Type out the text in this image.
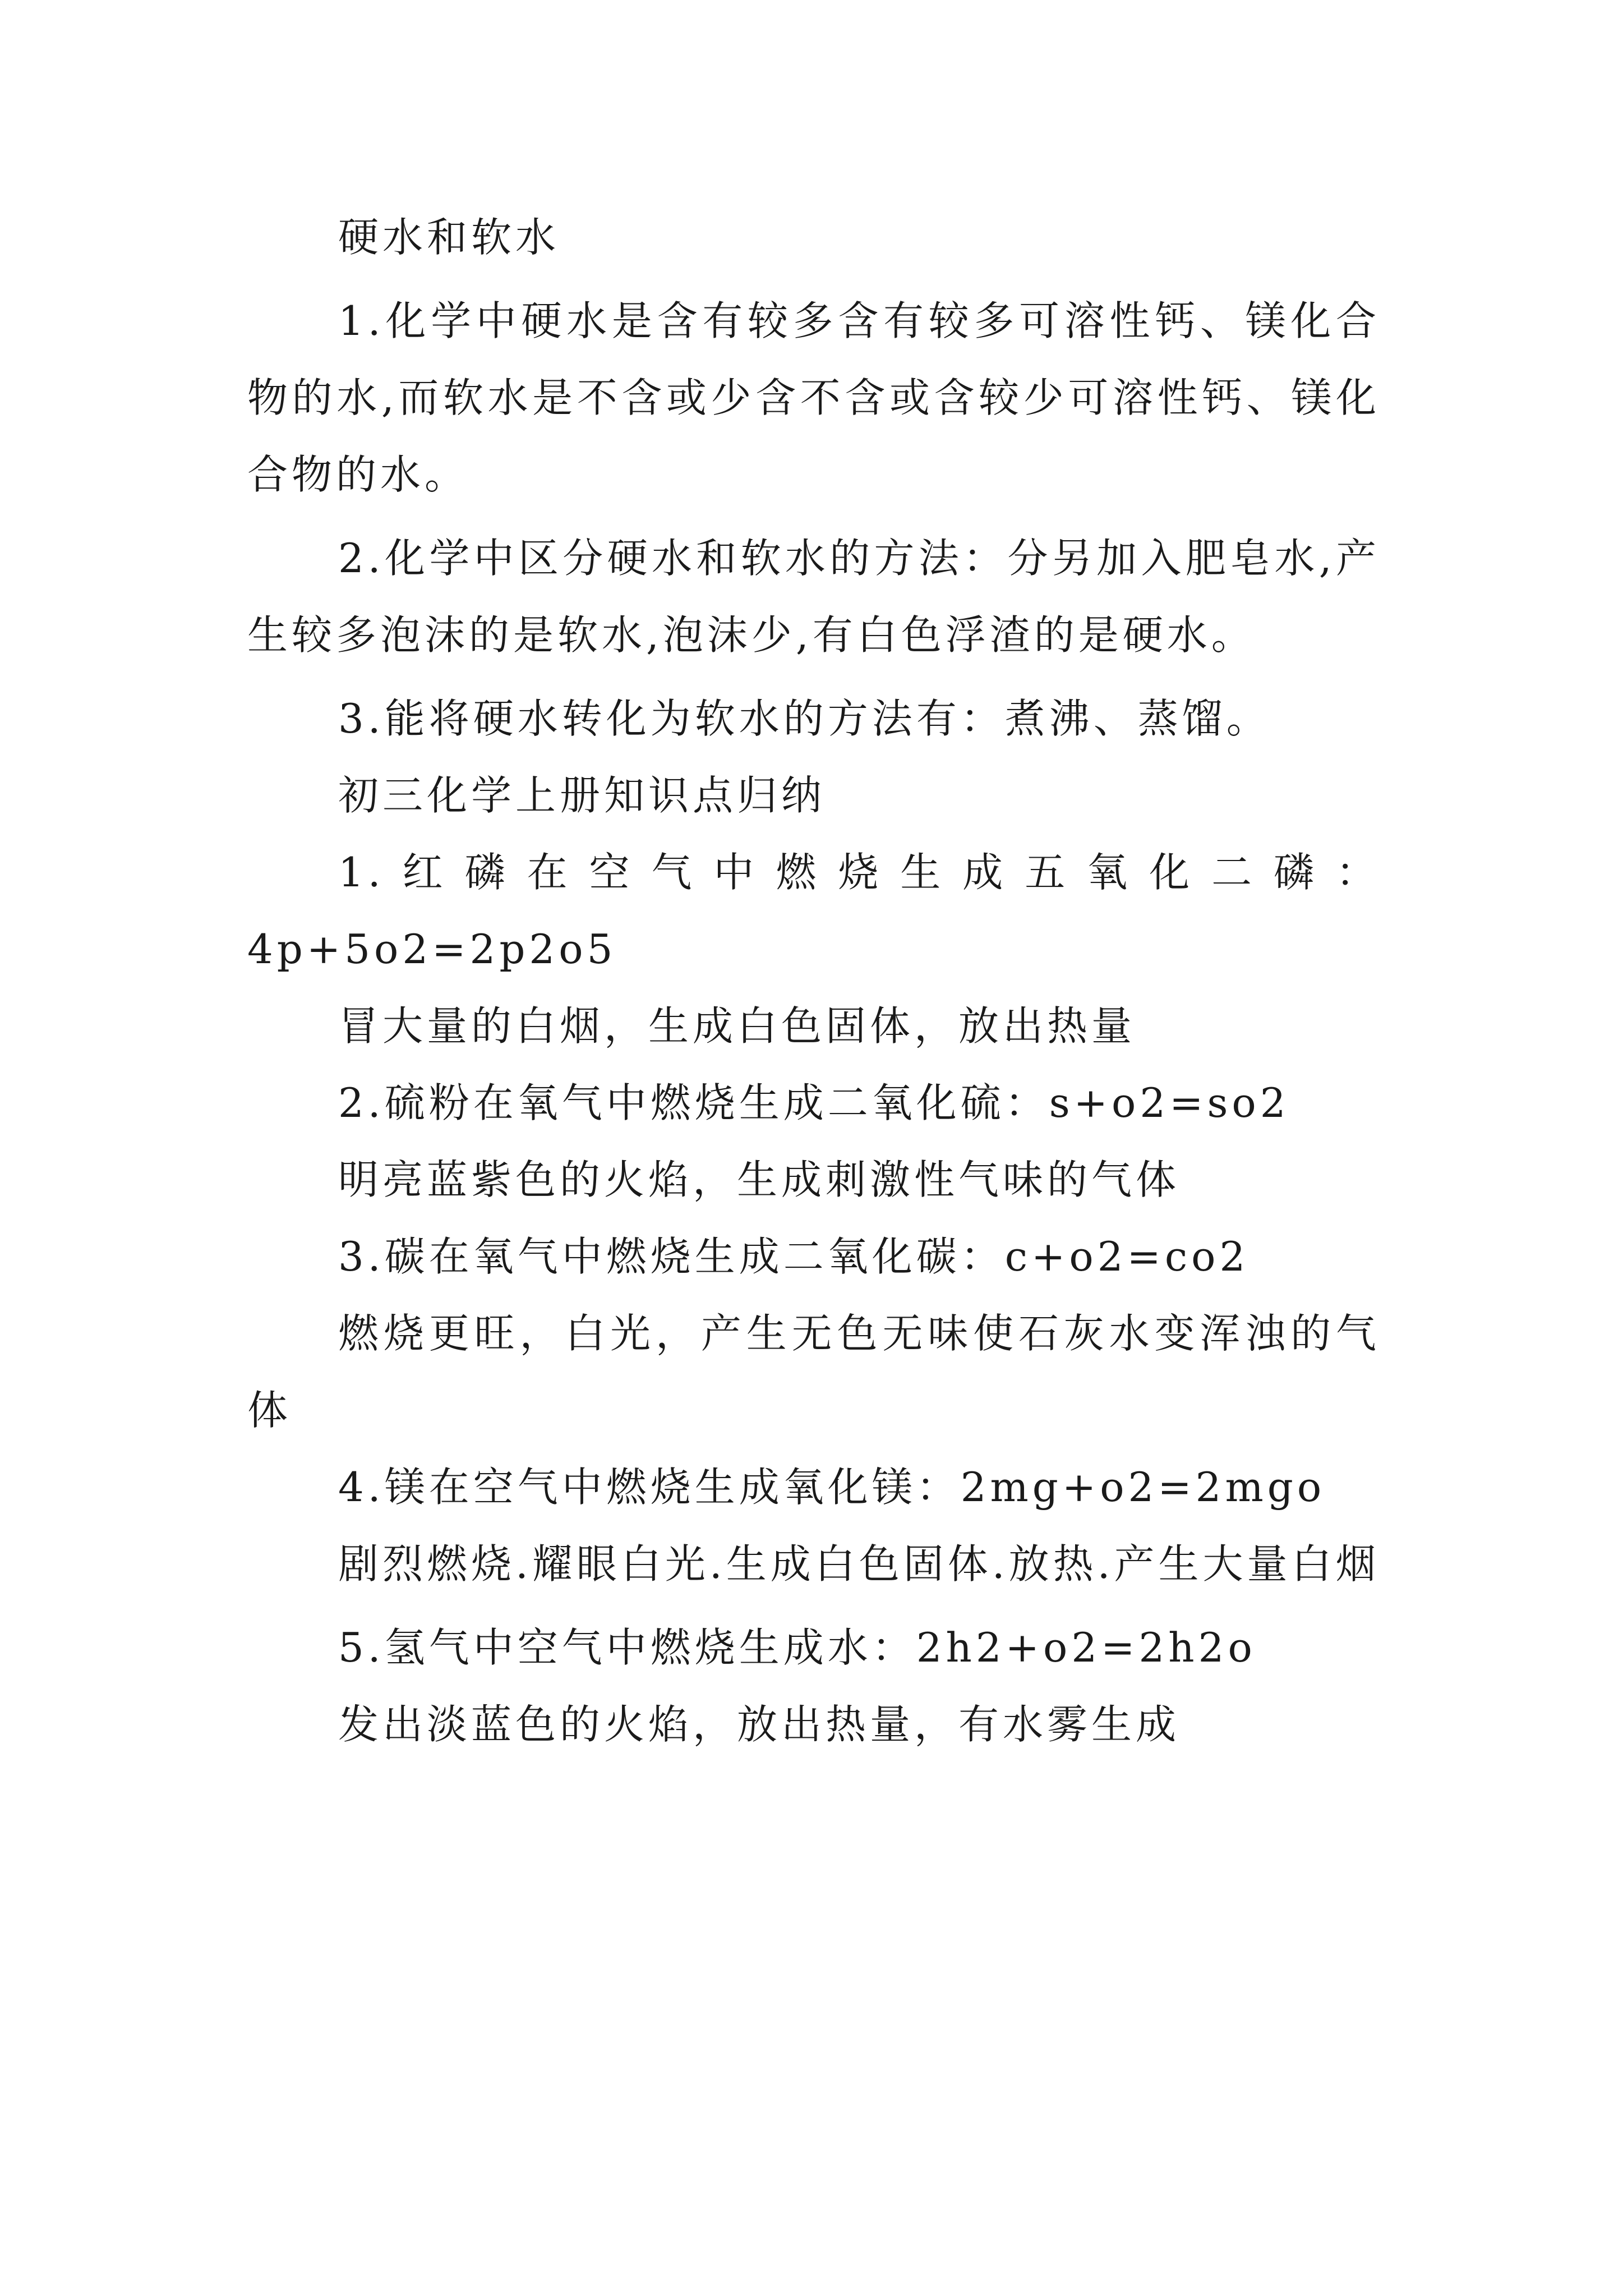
硬水和软水

1.化学中硬水是含有较多含有较多可溶性钙、镁化合物的水,而软水是不含或少含不含或含较少可溶性钙、镁化合物的水。

2.化学中区分硬水和软水的方法：分另加入肥皂水,产生较多泡沫的是软水,泡沫少,有白色浮渣的是硬水。

3.能将硬水转化为软水的方法有：煮沸、蒸馏。

初三化学上册知识点归纳

1.红磷在空气中燃烧生成五氧化二磷：4p+5o2=2p2o5

冒大量的白烟，生成白色固体，放出热量

2.硫粉在氧气中燃烧生成二氧化硫：s+o2=so2

明亮蓝紫色的火焰，生成刺激性气味的气体

3.碳在氧气中燃烧生成二氧化碳：c+o2=co2

燃烧更旺，白光，产生无色无味使石灰水变浑浊的气体

4.镁在空气中燃烧生成氧化镁：2mg+o2=2mgo

剧烈燃烧.耀眼白光.生成白色固体.放热.产生大量白烟

5.氢气中空气中燃烧生成水：2h2+o2=2h2o

发出淡蓝色的火焰，放出热量，有水雾生成
